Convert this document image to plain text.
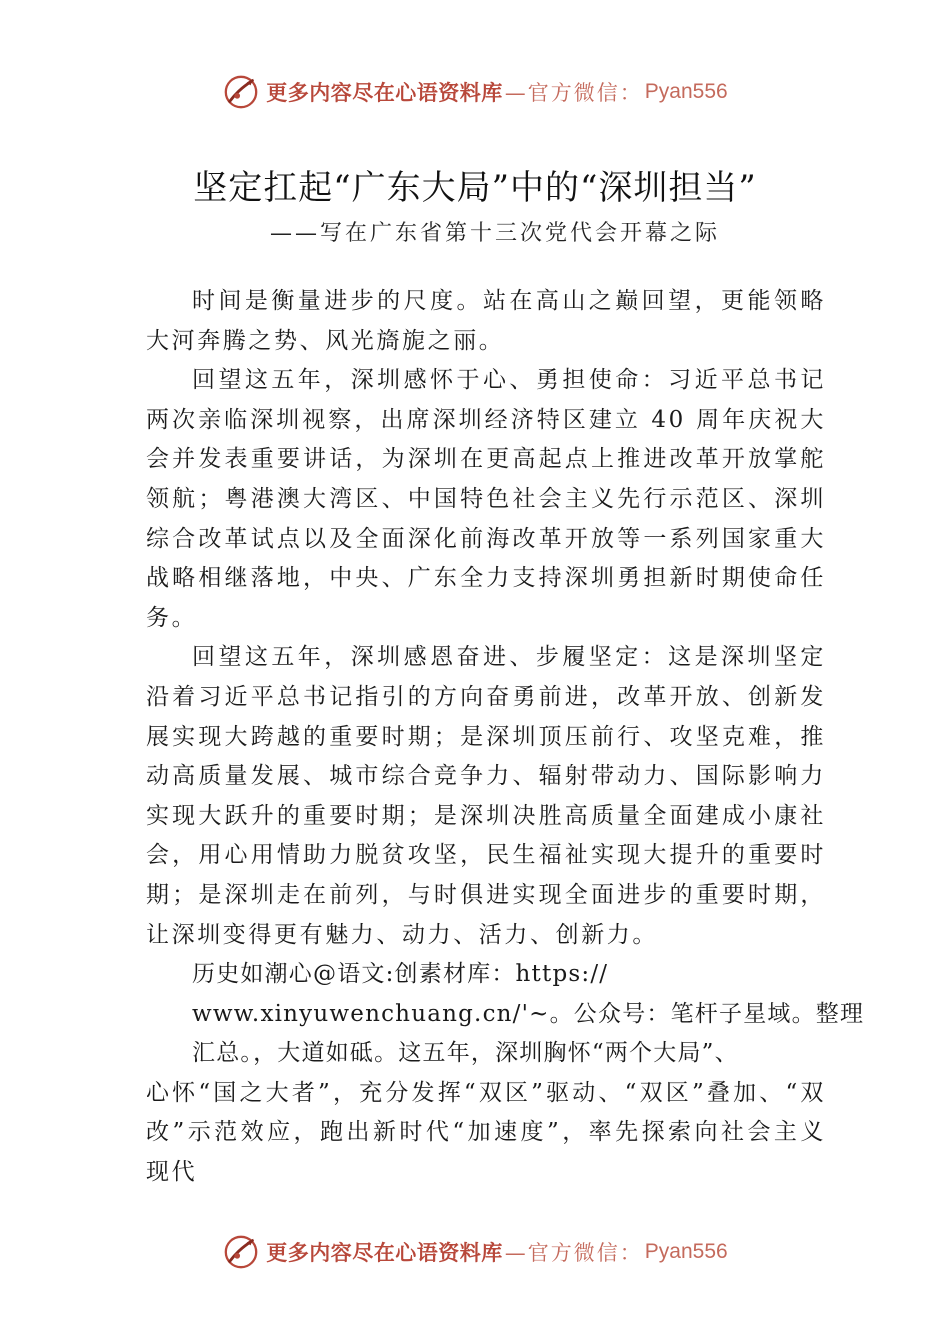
更多内容尽在心语资料库 —官方微信： Pyan556
坚定扛起“广东大局”中的“深圳担当”
——写在广东省第十三次党代会开幕之际

时间是衡量进步的尺度。站在高山之巅回望，更能领略大河奔腾之势、风光旖旎之丽。

回望这五年，深圳感怀于心、勇担使命：习近平总书记两次亲临深圳视察，出席深圳经济特区建立 40 周年庆祝大会并发表重要讲话，为深圳在更高起点上推进改革开放掌舵领航；粤港澳大湾区、中国特色社会主义先行示范区、深圳综合改革试点以及全面深化前海改革开放等一系列国家重大战略相继落地，中央、广东全力支持深圳勇担新时期使命任务。

回望这五年，深圳感恩奋进、步履坚定：这是深圳坚定沿着习近平总书记指引的方向奋勇前进，改革开放、创新发展实现大跨越的重要时期；是深圳顶压前行、攻坚克难，推动高质量发展、城市综合竞争力、辐射带动力、国际影响力实现大跃升的重要时期；是深圳决胜高质量全面建成小康社会，用心用情助力脱贫攻坚，民生福祉实现大提升的重要时期；是深圳走在前列，与时俱进实现全面进步的重要时期， 让深圳变得更有魅力、动力、活力、创新力。

历史如潮心@语文:创素材库：https://
www.xinyuwenchuang.cn/'~。公众号：笔杆子星域。整理
汇总。，大道如砥。这五年，深圳胸怀“两个大局”、

心怀“国之大者”，充分发挥“双区”驱动、“双区”叠加、“双改”示范效应，跑出新时代“加速度”，率先探索向社会主义现代

更多内容尽在心语资料库 —官方微信： Pyan556
